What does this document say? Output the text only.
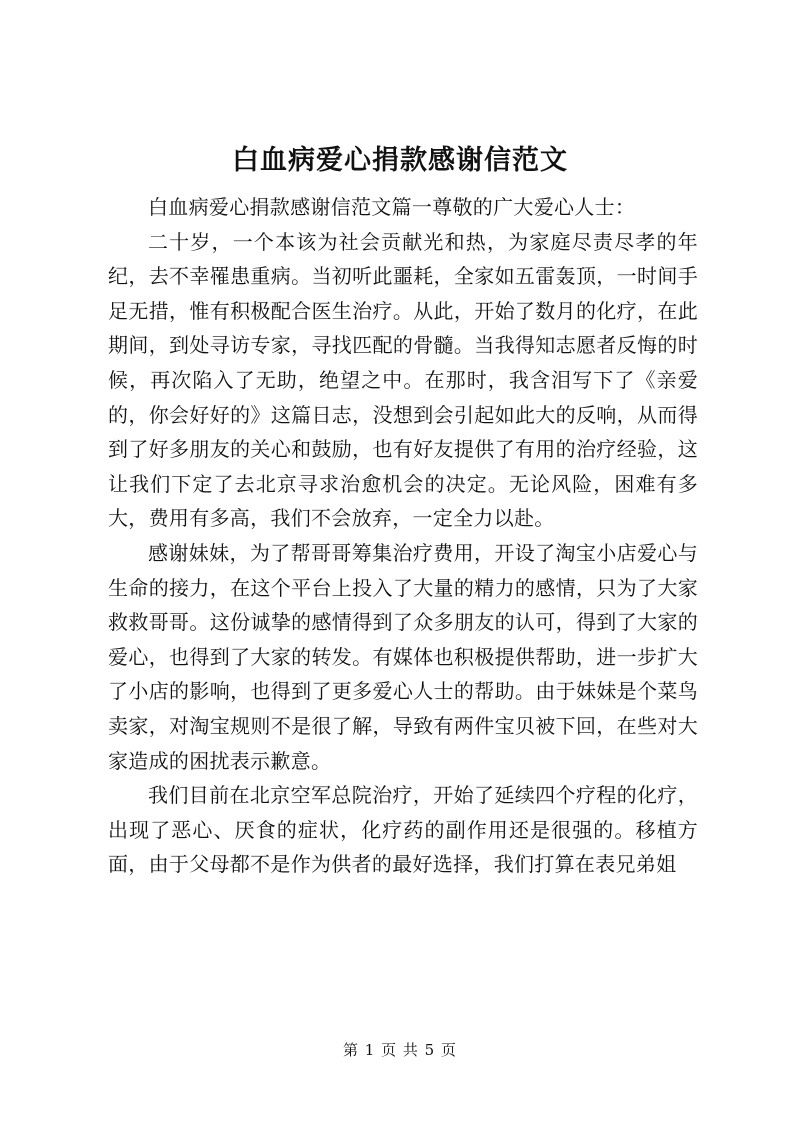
白血病爱心捐款感谢信范文

白血病爱心捐款感谢信范文篇一尊敬的广大爱心人士：

二十岁，一个本该为社会贡献光和热，为家庭尽责尽孝的年纪，去不幸罹患重病。当初听此噩耗，全家如五雷轰顶，一时间手足无措，惟有积极配合医生治疗。从此，开始了数月的化疗，在此期间，到处寻访专家，寻找匹配的骨髓。当我得知志愿者反悔的时候，再次陷入了无助，绝望之中。在那时，我含泪写下了《亲爱的，你会好好的》这篇日志，没想到会引起如此大的反响，从而得到了好多朋友的关心和鼓励，也有好友提供了有用的治疗经验，这让我们下定了去北京寻求治愈机会的决定。无论风险，困难有多大，费用有多高，我们不会放弃，一定全力以赴。

感谢妹妹，为了帮哥哥筹集治疗费用，开设了淘宝小店爱心与生命的接力，在这个平台上投入了大量的精力的感情，只为了大家救救哥哥。这份诚挚的感情得到了众多朋友的认可，得到了大家的爱心，也得到了大家的转发。有媒体也积极提供帮助，进一步扩大了小店的影响，也得到了更多爱心人士的帮助。由于妹妹是个菜鸟卖家，对淘宝规则不是很了解，导致有两件宝贝被下回，在些对大家造成的困扰表示歉意。

我们目前在北京空军总院治疗，开始了延续四个疗程的化疗，出现了恶心、厌食的症状，化疗药的副作用还是很强的。移植方面，由于父母都不是作为供者的最好选择，我们打算在表兄弟姐

第 1 页 共 5 页
